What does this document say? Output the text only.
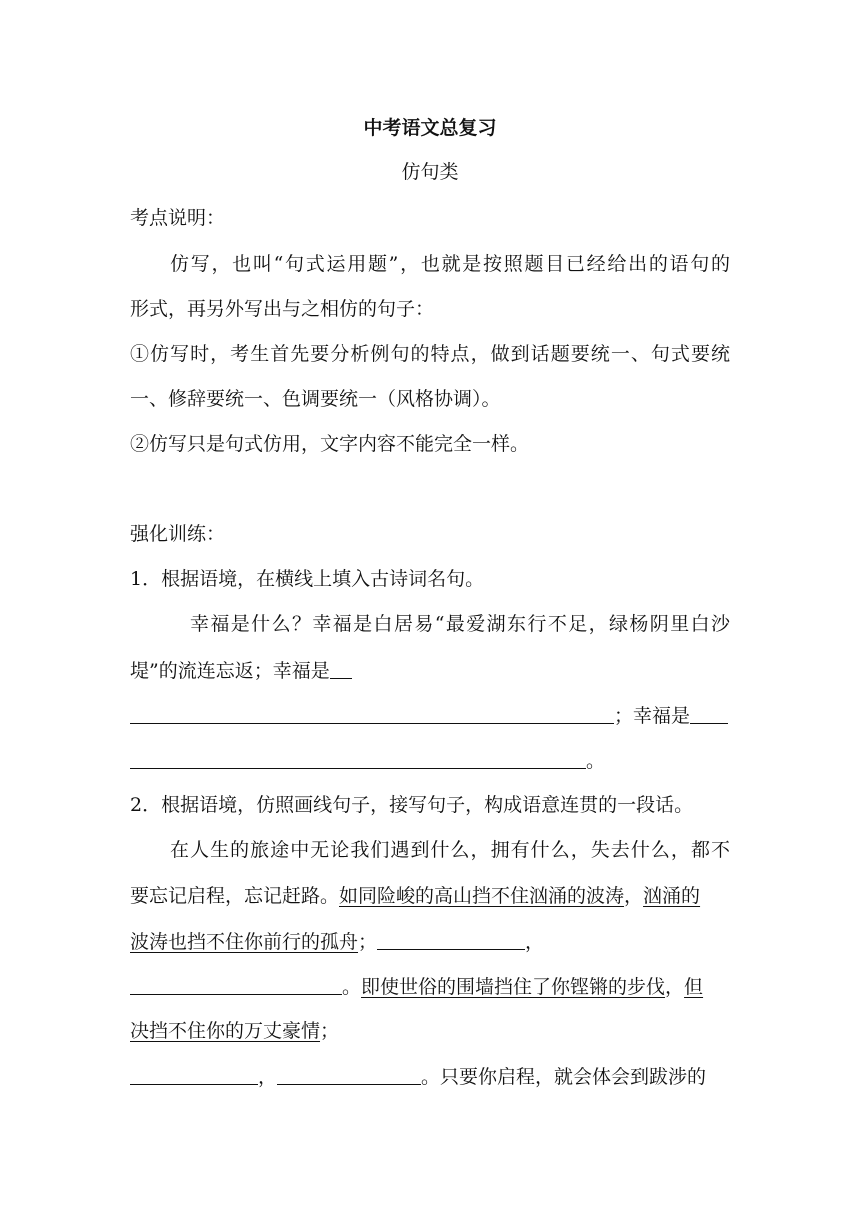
中考语文总复习
仿句类
考点说明：
仿写，也叫“句式运用题”，也就是按照题目已经给出的语句的
形式，再另外写出与之相仿的句子：
①仿写时，考生首先要分析例句的特点，做到话题要统一、句式要统
一、修辞要统一、色调要统一（风格协调）。
②仿写只是句式仿用，文字内容不能完全一样。
强化训练：
1．根据语境，在横线上填入古诗词名句。
幸福是什么？幸福是白居易“最爱湖东行不足，绿杨阴里白沙
堤”的流连忘返；幸福是
；幸福是
。
2．根据语境，仿照画线句子，接写句子，构成语意连贯的一段话。
在人生的旅途中无论我们遇到什么，拥有什么，失去什么，都不
要忘记启程，忘记赶路。如同险峻的高山挡不住汹涌的波涛，汹涌的
波涛也挡不住你前行的孤舟；	，
。即使世俗的围墙挡住了你铿锵的步伐，但
决挡不住你的万丈豪情；
，	。只要你启程，就会体会到跋涉的
